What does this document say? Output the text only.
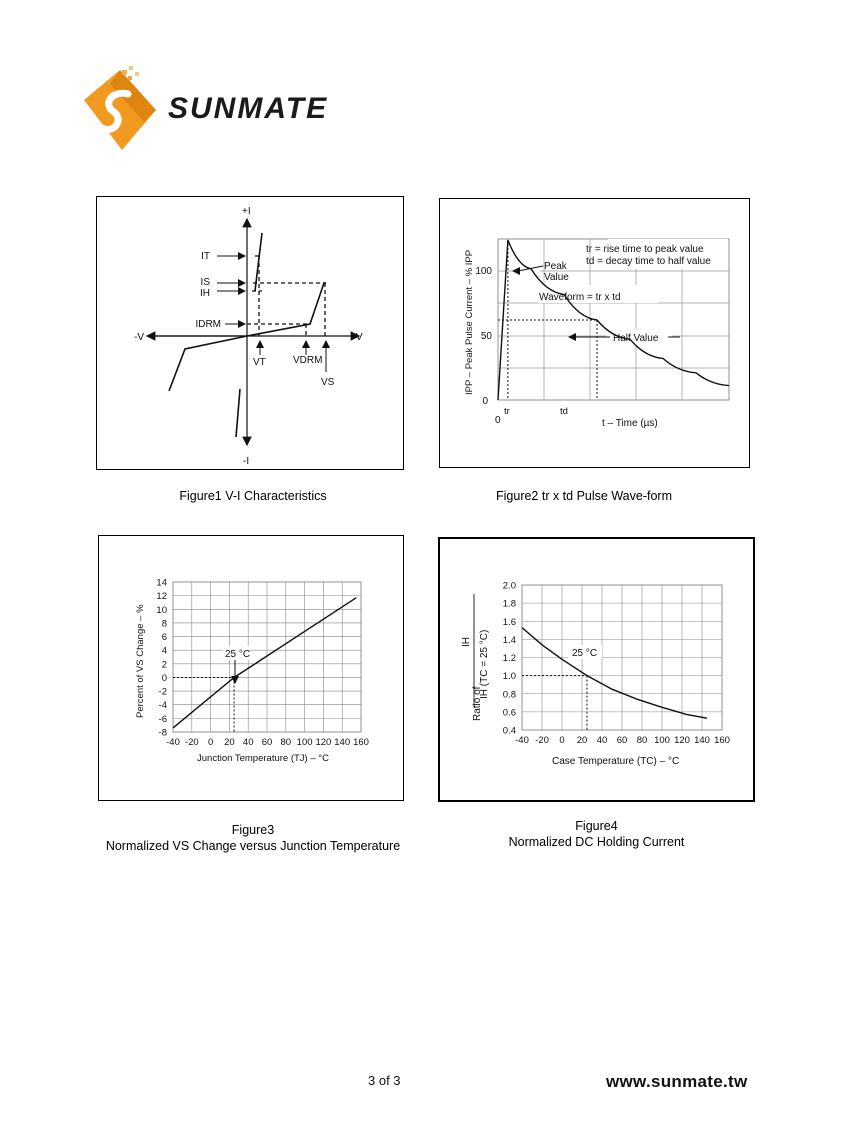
SUNMATE
+I
-I
+V
-V
IT
IS
IH
IDRM
VT	VDRM
VS
Figure1 V-I Characteristics
100
50
0
0
tr	td
t – Time (µs)
IPP – Peak Pulse Current – % IPP
tr = rise time to peak value
td = decay time to half value
Peak
Value
Waveform = tr x td
Half Value
Figure2 tr x td Pulse Wave-form
-40 -20 0 20 40 60 80 100 120 140 160
-8
-6
-4
-2
0
2
4
6
8
10
12
14
25 °C
Junction Temperature (TJ) – °C
Percent of VS Change – %
Figure3
Normalized VS Change versus Junction Temperature
-40 -20 0 20 40 60 80 100 120 140 160
0.4
0.6
0.8
1.0
1.2
1.4
1.6
1.8
2.0
25 °C
Case Temperature (TC) – °C
Ratio of
IH IH (TC = 25 °C)
Figure4
Normalized DC Holding Current
3 of 3	www.sunmate.tw
